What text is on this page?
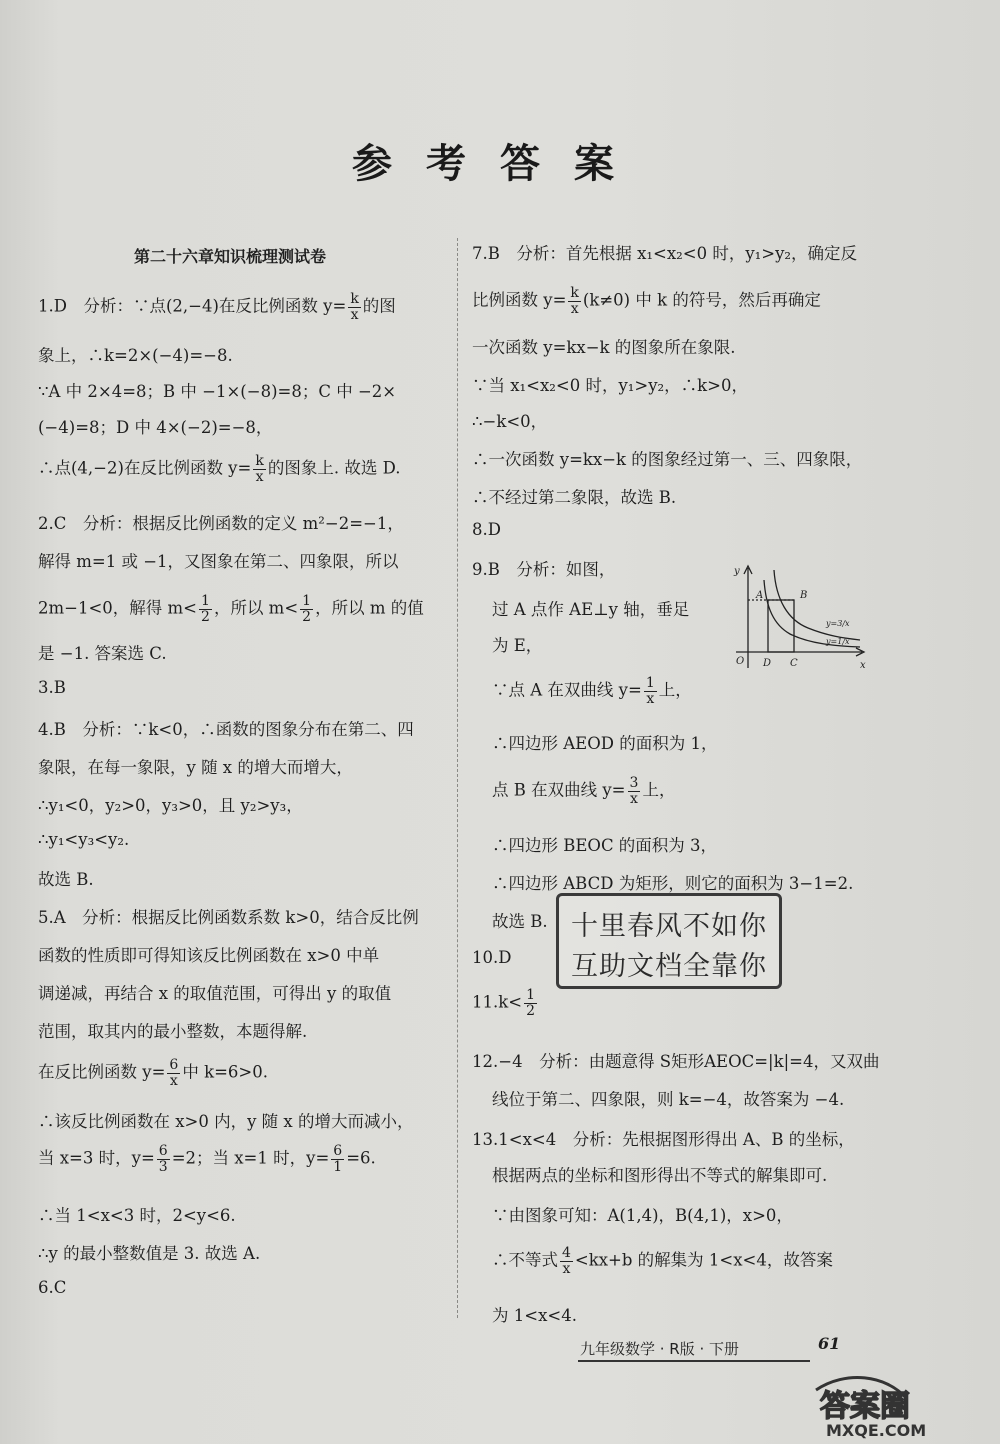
参考答案
第二十六章知识梳理测试卷
1.D　分析：∵点(2,−4)在反比例函数 $y= \frac{k}{x}$ 的图
象上，∴k=2×(−4)=−8.
∵A 中 2×4=8；B 中 −1×(−8)=8；C 中 −2×
(−4)=8；D 中 4×(−2)=−8，
∴点(4,−2)在反比例函数 $y= \frac{k}{x}$ 的图象上. 故选 D.
2.C　分析：根据反比例函数的定义 m²−2=−1，
解得 m=1 或 −1，又图象在第二、四象限，所以
2m−1<0，解得 $m< \frac{1}{2}$ ，所以 $m< \frac{1}{2}$ ，所以 m 的值
是 −1. 答案选 C.
3.B
4.B　分析：∵k<0，∴函数的图象分布在第二、四
象限，在每一象限，y 随 x 的增大而增大，
∴y₁<0，y₂>0，y₃>0，且 y₂>y₃，
∴y₁<y₃<y₂.
故选 B.
5.A　分析：根据反比例函数系数 k>0，结合反比例
函数的性质即可得知该反比例函数在 x>0 中单
调递减，再结合 x 的取值范围，可得出 y 的取值
范围，取其内的最小整数，本题得解.
在反比例函数 $y= \frac{6}{x}$ 中 k=6>0.
∴该反比例函数在 x>0 内，y 随 x 的增大而减小，
当 x=3 时，$y= \frac{6}{3} =2$；当 x=1 时，$y= \frac{6}{1} =6$.
∴当 1<x<3 时，2<y<6.
∴y 的最小整数值是 3. 故选 A.
6.C
7.B　分析：首先根据 x₁<x₂<0 时，y₁>y₂，确定反
比例函数 $y= \frac{k}{x} (k\ne 0)$ 中 k 的符号，然后再确定
一次函数 y=kx−k 的图象所在象限.
∵当 x₁<x₂<0 时，y₁>y₂，∴k>0，
∴−k<0，
∴一次函数 y=kx−k 的图象经过第一、三、四象限，
∴不经过第二象限，故选 B.
8.D
9.B　分析：如图，
过 A 点作 AE⊥y 轴，垂足
为 E，
∵点 A 在双曲线 $y= \frac{1}{x}$ 上，
∴四边形 AEOD 的面积为 1，
点 B 在双曲线 $y= \frac{3}{x}$ 上，
∴四边形 BEOC 的面积为 3，
∴四边形 ABCD 为矩形，则它的面积为 3−1=2.
故选 B.
10.D
$11.k< \frac{1}{2}$
12.−4　分析：由题意得 S矩形AEOC=|k|=4，又双曲
线位于第二、四象限，则 k=−4，故答案为 −4.
13.1<x<4　分析：先根据图形得出 A、B 的坐标，
根据两点的坐标和图形得出不等式的解集即可.
∵由图象可知：A(1,4)，B(4,1)，x>0，
∴不等式 $\frac{4}{x} <kx+b$ 的解集为 1<x<4，故答案
为 1<x<4.
y
x
A	B
D C
O
y=3/x
y=1/x
十里春风不如你
互助文档全靠你
九年级数学 · R版 · 下册	61
答案圈
MXQE.COM
